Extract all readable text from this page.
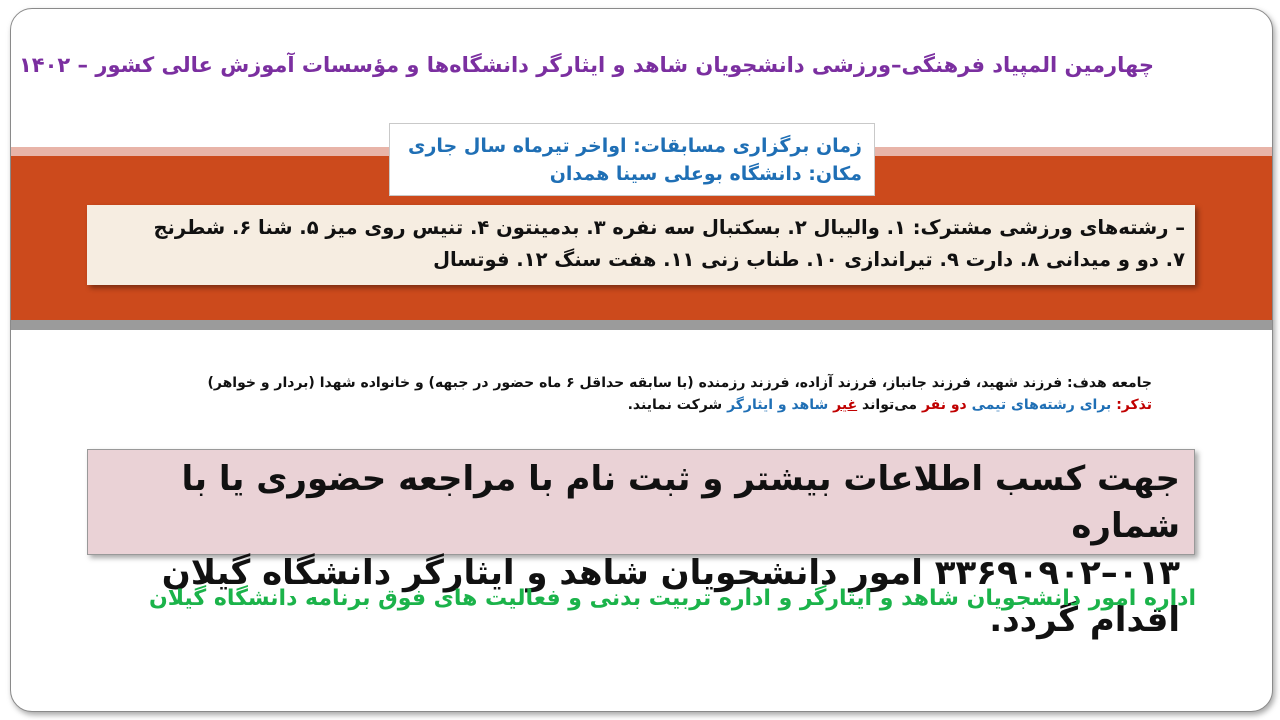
چهارمین المپیاد فرهنگی–ورزشی دانشجویان شاهد و ایثارگر دانشگاه‌ها و مؤسسات آموزش عالی کشور – ۱۴۰۲
زمان برگزاری مسابقات: اواخر تیرماه سال جاری
مکان: دانشگاه بوعلی سینا همدان
– رشته‌های ورزشی مشترک: ۱. والیبال ۲. بسکتبال سه نفره ۳. بدمینتون ۴. تنیس روی میز ۵. شنا ۶. شطرنج
۷. دو و میدانی ۸. دارت ۹. تیراندازی ۱۰. طناب زنی ۱۱. هفت سنگ ۱۲. فوتسال
جامعه هدف: فرزند شهید، فرزند جانباز، فرزند آزاده، فرزند رزمنده (با سابقه حداقل ۶ ماه حضور در جبهه) و خانواده شهدا (بردار و خواهر)
تذکر: برای رشته‌های تیمی دو نفر می‌تواند غیر شاهد و ایثارگر شرکت نمایند.
جهت کسب اطلاعات بیشتر و ثبت نام با مراجعه حضوری یا با شماره
۰۱۳–۳۳۶۹۰۹۰۲ امور دانشجویان شاهد و ایثارگر دانشگاه گیلان اقدام گردد.
اداره امور دانشجویان شاهد و ایثارگر و اداره تربیت بدنی و فعالیت های فوق برنامه دانشگاه گیلان
